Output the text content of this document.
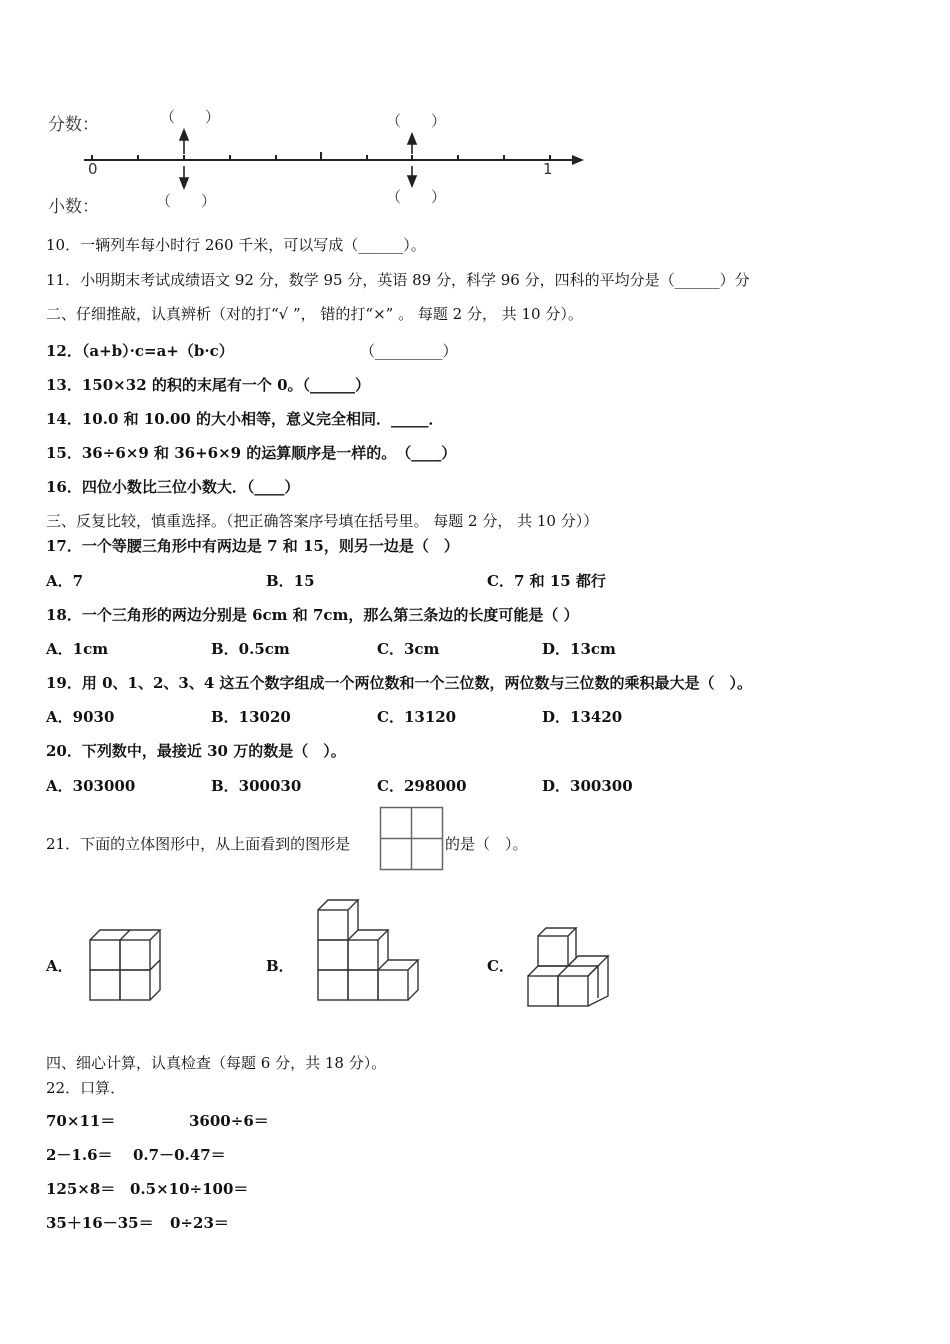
分数：
小数：
（　　）	（　　）
（　　）	（　　）
0	1
10．一辆列车每小时行 260 千米，可以写成（______）。
11．小明期末考试成绩语文 92 分，数学 95 分，英语 89 分，科学 96 分，四科的平均分是（______）分
二、仔细推敲，认真辨析（对的打“√ ”， 错的打“×” 。 每题 2 分， 共 10 分）。
12．（a+b）·c=a+（b·c）	（_________）
13．150×32 的积的末尾有一个 0。（______）
14．10.0 和 10.00 的大小相等，意义完全相同．_____．
15．36÷6×9 和 36+6×9 的运算顺序是一样的。　（____）
16．四位小数比三位小数大．（____）
三、反复比较，慎重选择。（把正确答案序号填在括号里。 每题 2 分， 共 10 分））
17．一个等腰三角形中有两边是 7 和 15，则另一边是（　）
A．7	B．15	C．7 和 15 都行
18．一个三角形的两边分别是 6cm 和 7cm，那么第三条边的长度可能是（ ）
A．1cm	B．0.5cm	C．3cm	D．13cm
19．用 0、1、2、3、4 这五个数字组成一个两位数和一个三位数，两位数与三位数的乘积最大是（　）。
A．9030	B．13020	C．13120	D．13420
20．下列数中，最接近 30 万的数是（　）。
A．303000	B．300030	C．298000	D．300300
21．下面的立体图形中，从上面看到的图形是	的是（　）。
A．	B．	C．
四、细心计算，认真检查（每题 6 分，共 18 分）。
22．口算．
70×11＝	3600÷6＝
2－1.6＝ 0.7－0.47＝
125×8＝ 0.5×10÷100＝
35＋16－35＝ 0÷23＝
